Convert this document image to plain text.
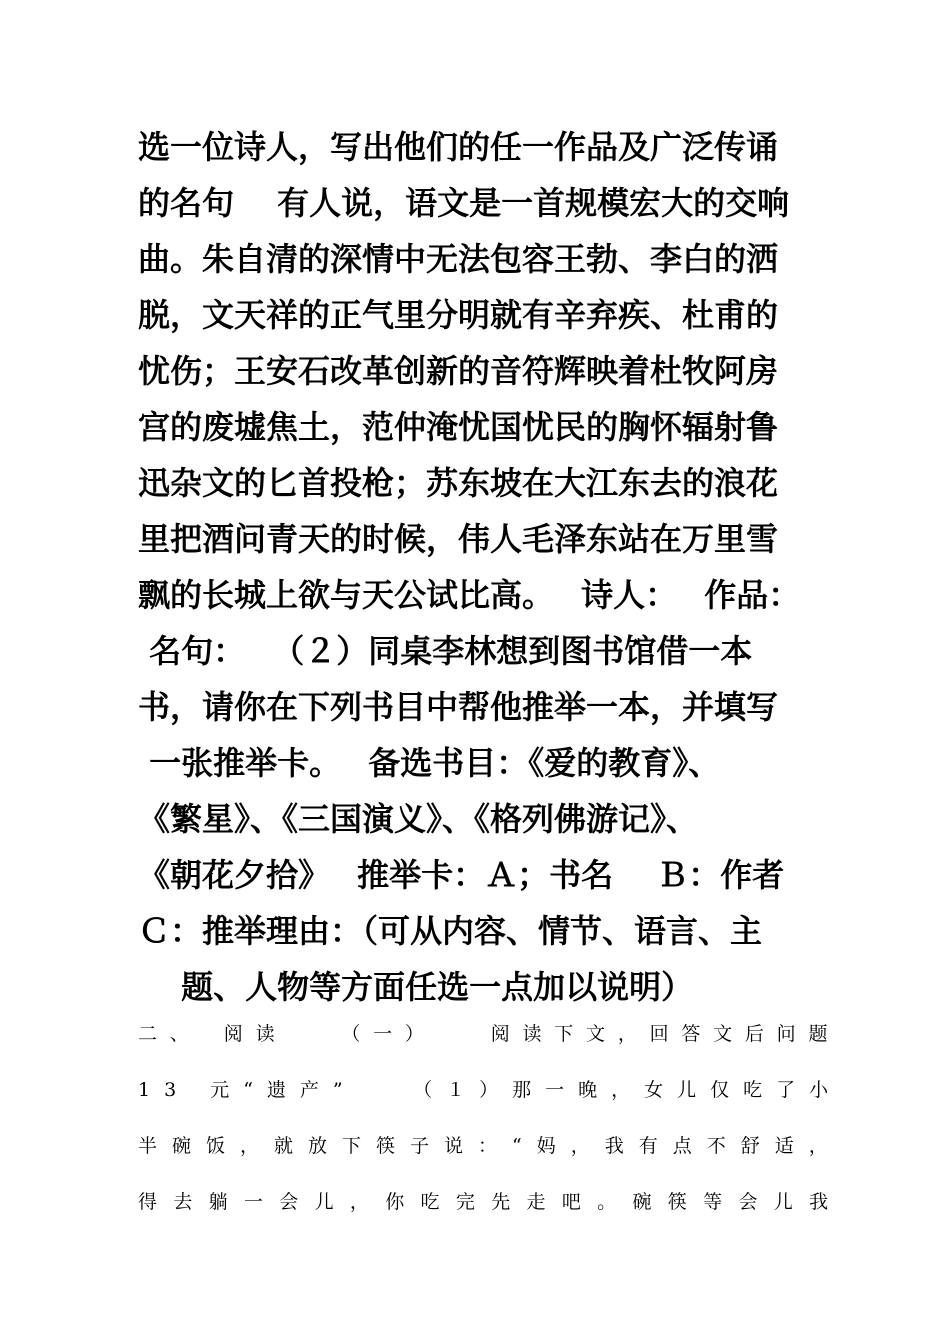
选一位诗人，写出他们的任一作品及广泛传诵
的名句　 有人说，语文是一首规模宏大的交响
曲。朱自清的深情中无法包容王勃、李白的洒
脱，文天祥的正气里分明就有辛弃疾、杜甫的
忧伤；王安石改革创新的音符辉映着杜牧阿房
宫的废墟焦土，范仲淹忧国忧民的胸怀辐射鲁
迅杂文的匕首投枪；苏东坡在大江东去的浪花
里把酒问青天的时候，伟人毛泽东站在万里雪
飘的长城上欲与天公试比高。　 诗人：　 作品：
名句：　 （２）同桌李林想到图书馆借一本
书，请你在下列书目中帮他推举一本，并填写
一张推举卡。　 备选书目：《爱的教育》、
《繁星》、《三国演义》、《格列佛游记》、
《朝花夕拾》　 推举卡：Ａ；书名　 Ｂ：作者
Ｃ：推举理由：（可从内容、情节、语言、主
　 题、人物等方面任选一点加以说明）
二、　阅读　　（一）　　阅读下文，回答文后问题
13 元“遗产”　　（１）那一晚，女儿仅吃了小
半碗饭，就放下筷子说：“妈，我有点不舒适，
得去躺一会儿，你吃完先走吧。碗筷等会儿我
